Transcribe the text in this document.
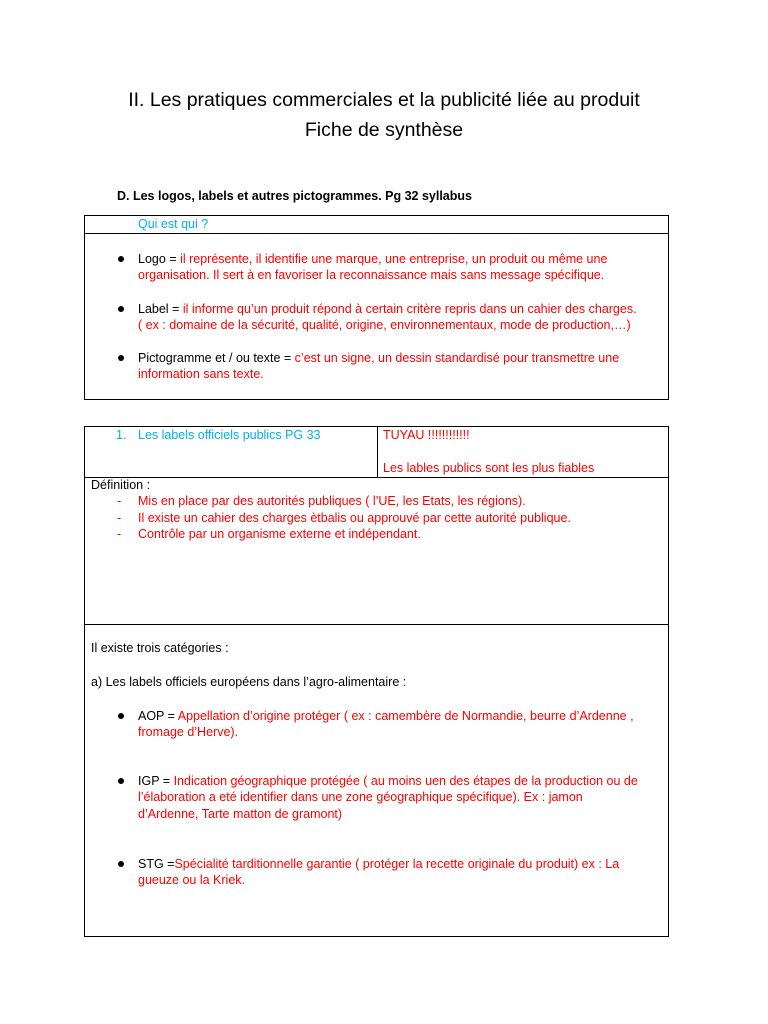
II. Les pratiques commerciales et la publicité liée au produit
Fiche de synthèse
D. Les logos, labels et autres pictogrammes. Pg 32 syllabus
Qui est qui ?
Logo = il représente, il identifie une marque, une entreprise, un produit ou même une
organisation. Il sert à en favoriser la reconnaissance mais sans message spécifique.
Label = il informe qu’un produit répond à certain critère repris dans un cahier des charges.
( ex : domaine de la sécurité, qualité, origine, environnementaux, mode de production,…)
Pictogramme et / ou texte = c’est un signe, un dessin standardisé pour transmettre une
information sans texte.
1. Les labels officiels publics PG 33	TUYAU !!!!!!!!!!!!
Les lables publics sont les plus fiables
Définition :
- Mis en place par des autorités publiques ( l’UE, les Etats, les régions).
- Il existe un cahier des charges ètbalis ou approuvé par cette autorité publique.
- Contrôle par un organisme externe et indépendant.
Il existe trois catégories :
a) Les labels officiels européens dans l’agro-alimentaire :
AOP = Appellation d’origine protéger ( ex : camembère de Normandie, beurre d’Ardenne ,
fromage d’Herve).
IGP = Indication géographique protégée ( au moins uen des étapes de la production ou de
l’élaboration a eté identifier dans une zone géographique spécifique). Ex : jamon
d’Ardenne, Tarte matton de gramont)
STG =Spécialité tarditionnelle garantie ( protéger la recette originale du produit) ex : La
gueuze ou la Kriek.
